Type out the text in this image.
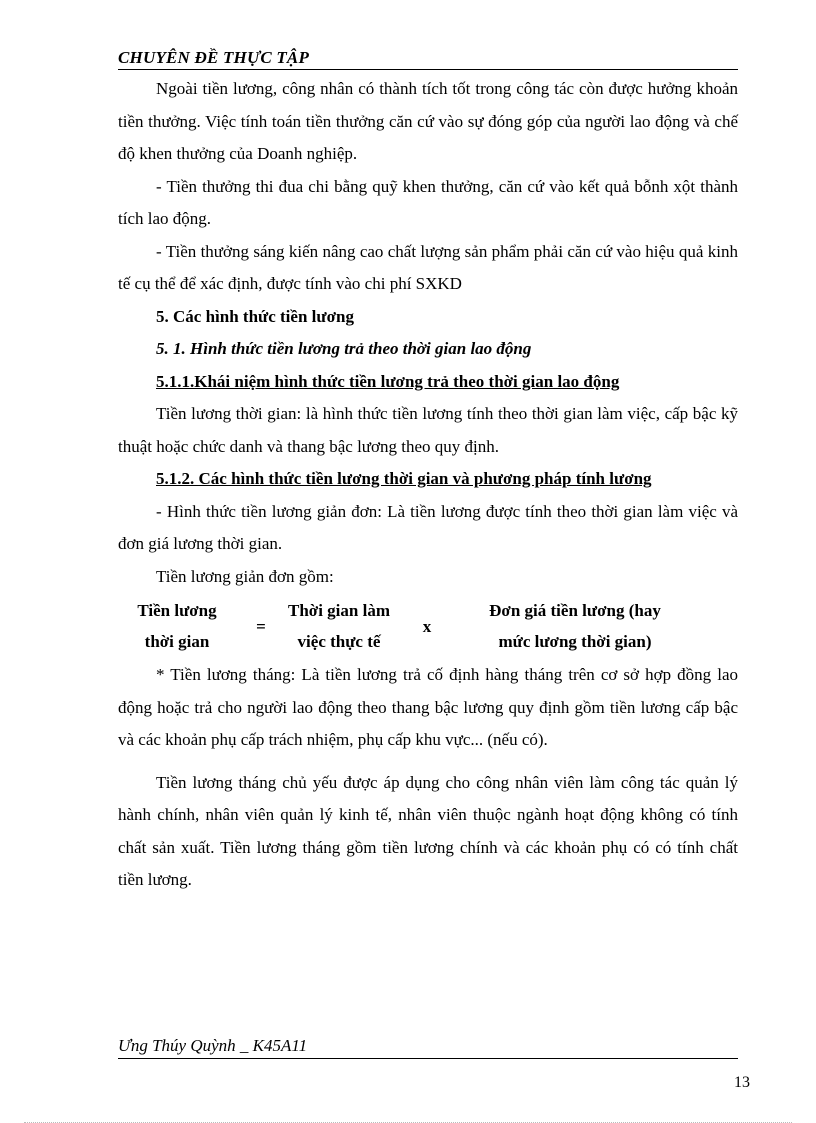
CHUYÊN ĐỀ THỰC TẬP

Ngoài tiền lương, công nhân có thành tích tốt trong công tác còn được hưởng khoản tiền thưởng. Việc tính toán tiền thưởng căn cứ vào sự đóng góp của người lao động và chế độ khen thưởng của Doanh nghiệp.

- Tiền thưởng thi đua chi bằng quỹ khen thưởng, căn cứ vào kết quả bỗnh xột thành tích lao động.

- Tiền thưởng sáng kiến nâng cao chất lượng sản phẩm phải căn cứ vào hiệu quả kinh tế cụ thể để xác định, được tính vào chi phí SXKD

5. Các hình thức tiền lương

5. 1. Hình thức tiền lương trả theo thời gian lao động

5.1.1.Khái niệm hình thức tiền lương trả theo thời gian lao động

Tiền lương thời gian: là hình thức tiền lương tính theo thời gian làm việc, cấp bậc kỹ thuật hoặc chức danh và thang bậc lương theo quy định.

5.1.2. Các hình thức tiền lương thời gian và phương pháp tính lương

- Hình thức tiền lương giản đơn: Là tiền lương được tính theo thời gian làm việc và đơn giá lương thời gian.

Tiền lương giản đơn gồm:

Tiền lương thời gian
=
Thời gian làm việc thực tế
x
Đơn giá tiền lương (hay mức lương thời gian)

* Tiền lương tháng: Là tiền lương trả cố định hàng tháng trên cơ sở hợp đồng lao động hoặc trả cho người lao động theo thang bậc lương quy định gồm tiền lương cấp bậc và các khoản phụ cấp trách nhiệm, phụ cấp khu vực... (nếu có).

Tiền lương tháng chủ yếu được áp dụng cho công nhân viên làm công tác quản lý hành chính, nhân viên quản lý kinh tế, nhân viên thuộc ngành hoạt động không có tính chất sản xuất. Tiền lương tháng gồm tiền lương chính và các khoản phụ có có tính chất tiền lương.

Ưng Thúy Quỳnh _ K45A11
13
